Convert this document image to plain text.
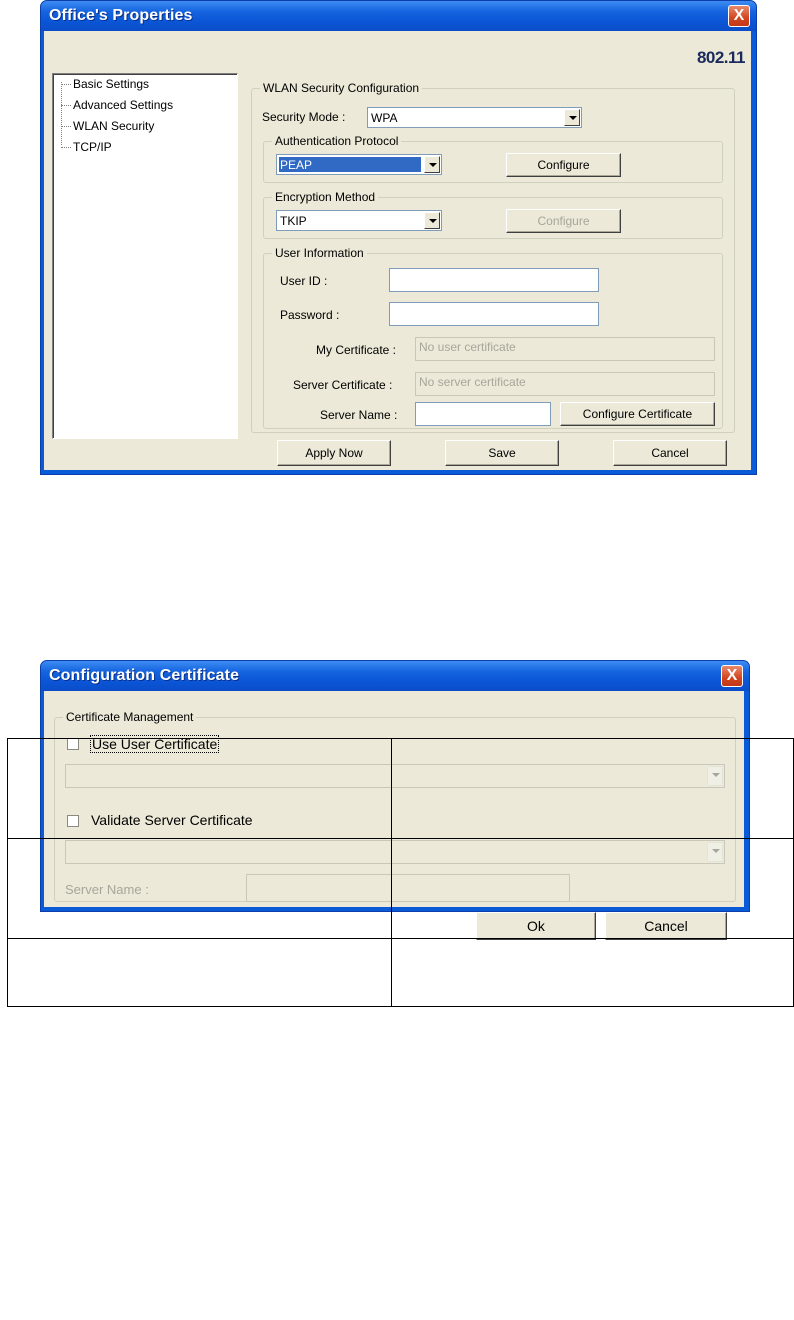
Office's Properties	X
802.11
Basic Settings
Advanced Settings
WLAN Security
TCP/IP
WLAN Security Configuration
Security Mode : WPA
Authentication Protocol
PEAP	Configure
Encryption Method
TKIP	Configure
User Information
User ID :
Password :
My Certificate :	No user certificate
Server Certificate :	No server certificate
Server Name :	Configure Certificate
Apply Now	Save	Cancel
Configuration Certificate	X
Certificate Management
Use User Certificate
Validate Server Certificate
Server Name :
Ok	Cancel
